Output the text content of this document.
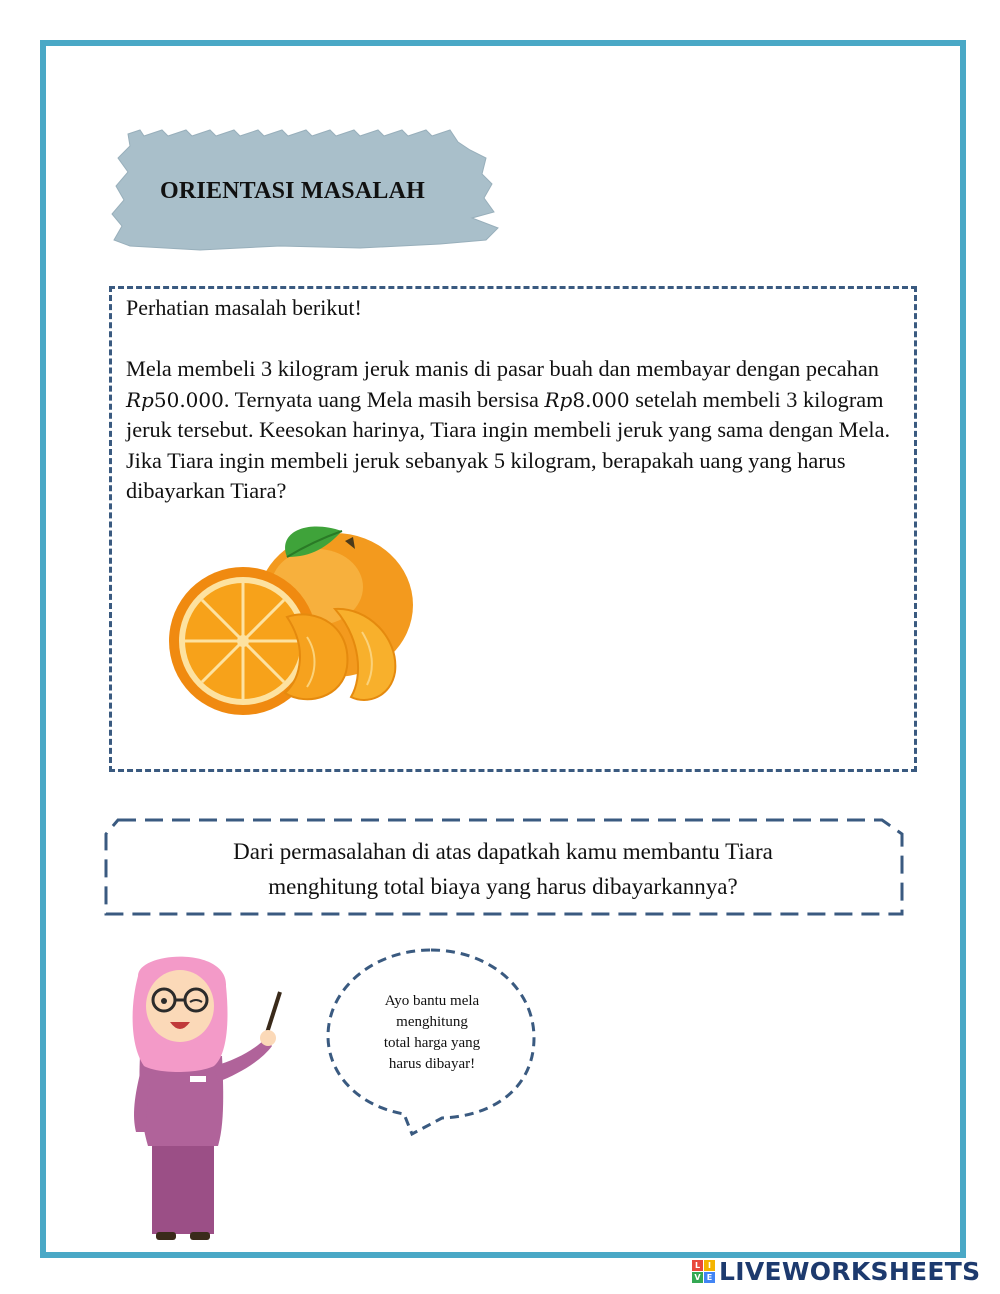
ORIENTASI MASALAH
Perhatian masalah berikut!
Mela membeli 3 kilogram jeruk manis di pasar buah dan membayar dengan pecahan Rp50.000. Ternyata uang Mela masih bersisa Rp8.000 setelah membeli 3 kilogram jeruk tersebut. Keesokan harinya, Tiara ingin membeli jeruk yang sama dengan Mela. Jika Tiara ingin membeli jeruk sebanyak 5 kilogram, berapakah uang yang harus dibayarkan Tiara?
Dari permasalahan di atas dapatkah kamu membantu Tiara
menghitung total biaya yang harus dibayarkannya?
Ayo bantu mela
menghitung
total harga yang
harus dibayar!
L I
V E LIVEWORKSHEETS
